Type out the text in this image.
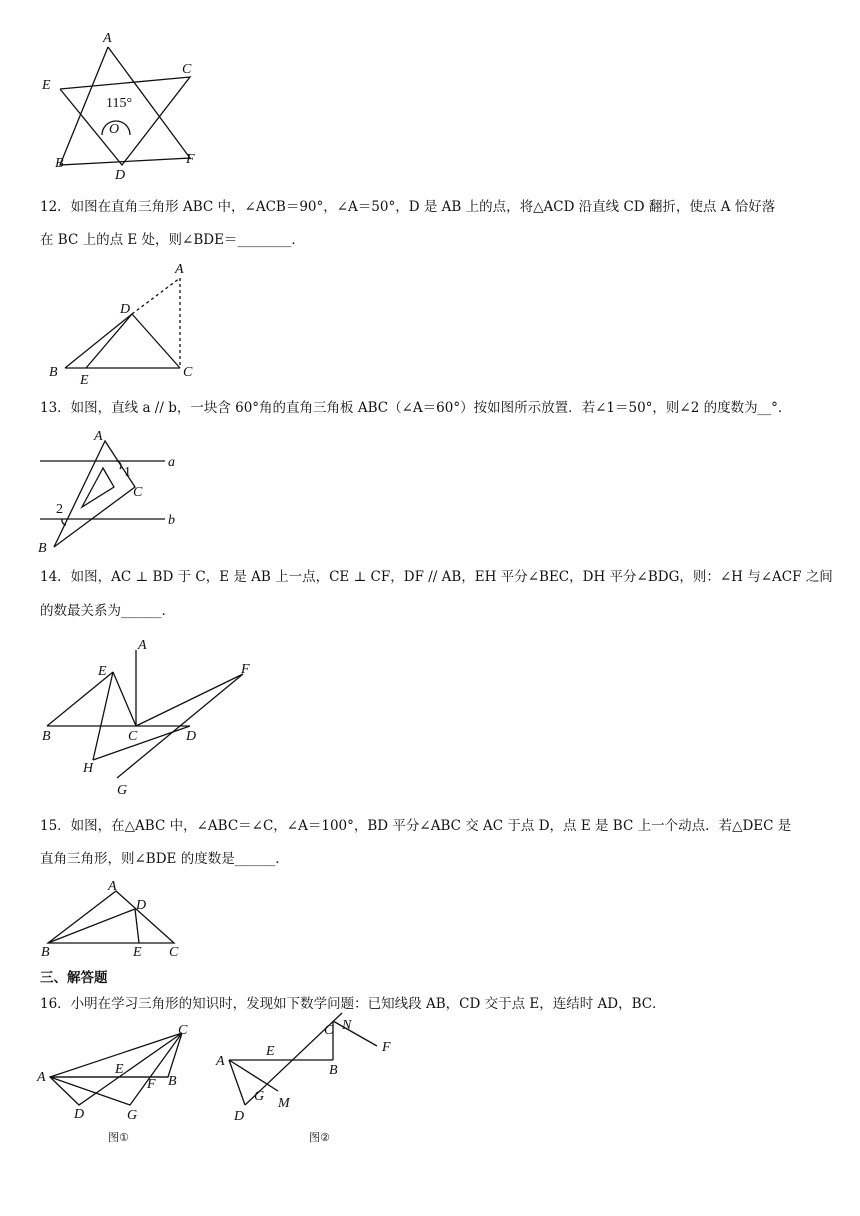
A
E
C
B
D
F
O
115°
12．如图在直角三角形 ABC 中，∠ACB＝90°，∠A＝50°，D 是 AB 上的点，将△ACD 沿直线 CD 翻折，使点 A 恰好落
在 BC 上的点 E 处，则∠BDE＝________．
A
D
B
E
C
13．如图，直线 a // b，一块含 60°角的直角三角板 ABC（∠A＝60°）按如图所示放置．若∠1＝50°，则∠2 的度数为__°．
A
C
B
a
b
1
2
14．如图，AC ⊥ BD 于 C，E 是 AB 上一点，CE ⊥ CF，DF // AB，EH 平分∠BEC，DH 平分∠BDG，则：∠H 与∠ACF 之间
的数最关系为______．
A
E	F
B	C	D
H
G
15．如图，在△ABC 中，∠ABC＝∠C，∠A＝100°，BD 平分∠ABC 交 AC 于点 D，点 E 是 BC 上一个动点．若△DEC 是
直角三角形，则∠BDE 的度数是______．
A
D
B	E C
三、解答题
16．小明在学习三角形的知识时，发现如下数学问题：已知线段 AB，CD 交于点 E，连结时 AD，BC．
A
C
E
F B
D	G
图①
C N
F
B
A
E
G
D
M
图②
